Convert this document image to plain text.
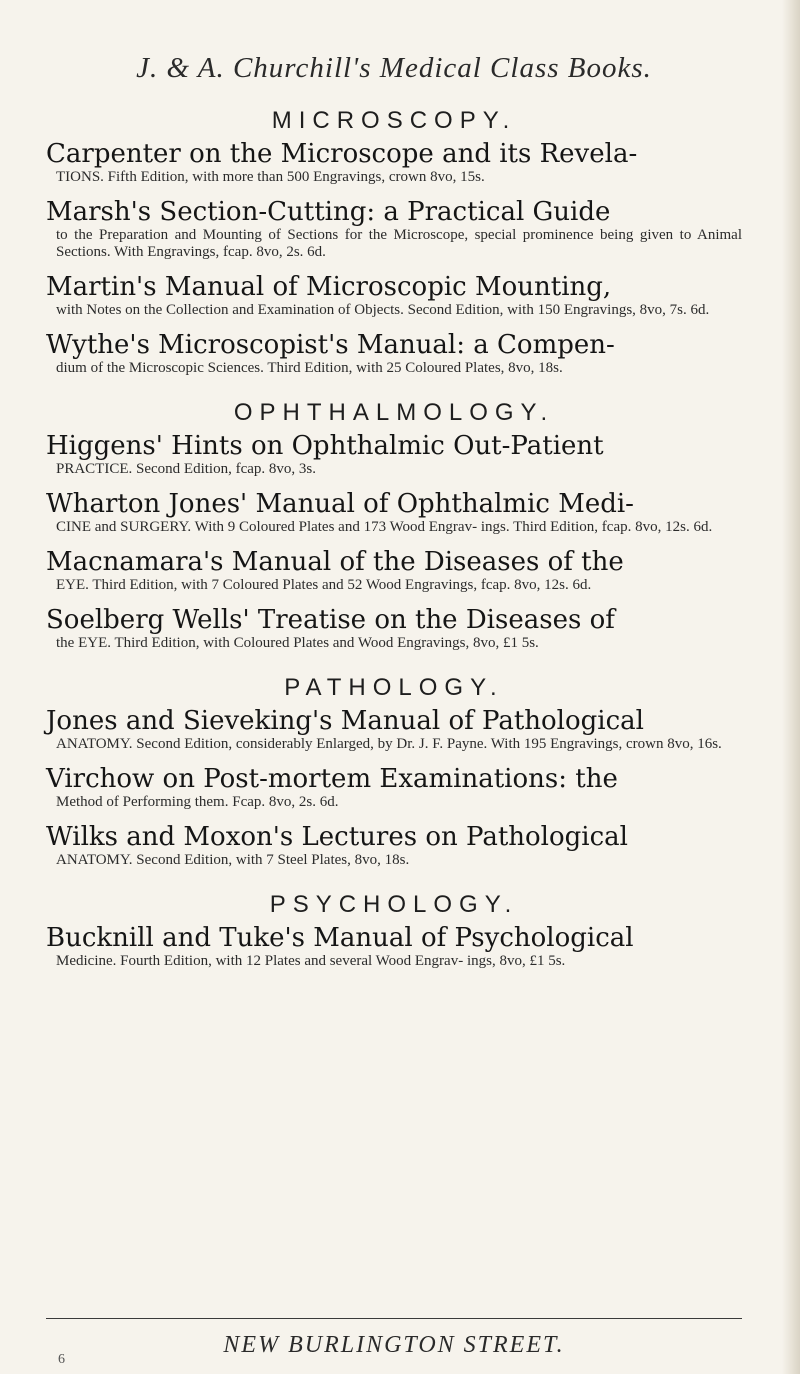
J. & A. Churchill's Medical Class Books.
MICROSCOPY.
Carpenter on the Microscope and its Revela-
TIONS. Fifth Edition, with more than 500 Engravings, crown 8vo, 15s.
Marsh's Section-Cutting: a Practical Guide
to the Preparation and Mounting of Sections for the Microscope, special prominence being given to Animal Sections. With Engravings, fcap. 8vo, 2s. 6d.
Martin's Manual of Microscopic Mounting,
with Notes on the Collection and Examination of Objects. Second Edition, with 150 Engravings, 8vo, 7s. 6d.
Wythe's Microscopist's Manual: a Compen-
dium of the Microscopic Sciences. Third Edition, with 25 Coloured Plates, 8vo, 18s.
OPHTHALMOLOGY.
Higgens' Hints on Ophthalmic Out-Patient
PRACTICE. Second Edition, fcap. 8vo, 3s.
Wharton Jones' Manual of Ophthalmic Medi-
CINE and SURGERY. With 9 Coloured Plates and 173 Wood Engrav- ings. Third Edition, fcap. 8vo, 12s. 6d.
Macnamara's Manual of the Diseases of the
EYE. Third Edition, with 7 Coloured Plates and 52 Wood Engravings, fcap. 8vo, 12s. 6d.
Soelberg Wells' Treatise on the Diseases of
the EYE. Third Edition, with Coloured Plates and Wood Engravings, 8vo, £1 5s.
PATHOLOGY.
Jones and Sieveking's Manual of Pathological
ANATOMY. Second Edition, considerably Enlarged, by Dr. J. F. Payne. With 195 Engravings, crown 8vo, 16s.
Virchow on Post-mortem Examinations: the
Method of Performing them. Fcap. 8vo, 2s. 6d.
Wilks and Moxon's Lectures on Pathological
ANATOMY. Second Edition, with 7 Steel Plates, 8vo, 18s.
PSYCHOLOGY.
Bucknill and Tuke's Manual of Psychological
Medicine. Fourth Edition, with 12 Plates and several Wood Engrav- ings, 8vo, £1 5s.
NEW BURLINGTON STREET.
6
